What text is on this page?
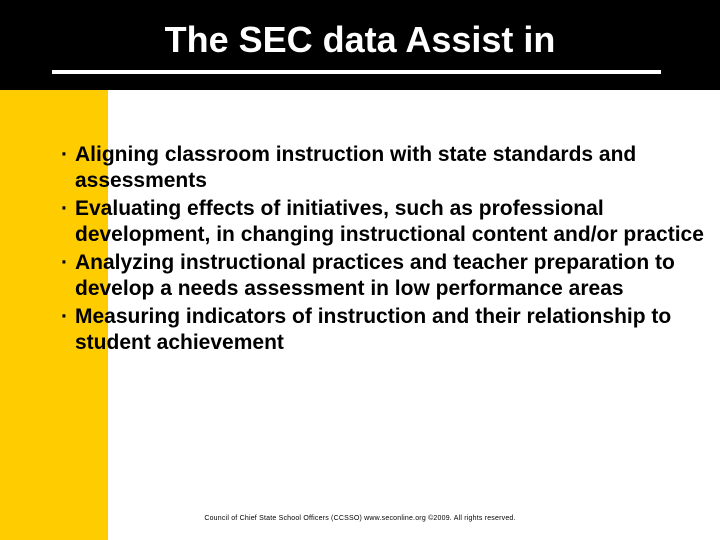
The SEC data Assist in
· Aligning classroom instruction with state standards and assessments
· Evaluating effects of initiatives, such as professional development, in changing instructional content and/or practice
· Analyzing instructional practices and teacher preparation to develop a needs assessment in low performance areas
· Measuring indicators of instruction and their relationship to student achievement
Council of Chief State School Officers (CCSSO) www.seconline.org ©2009. All rights reserved.
